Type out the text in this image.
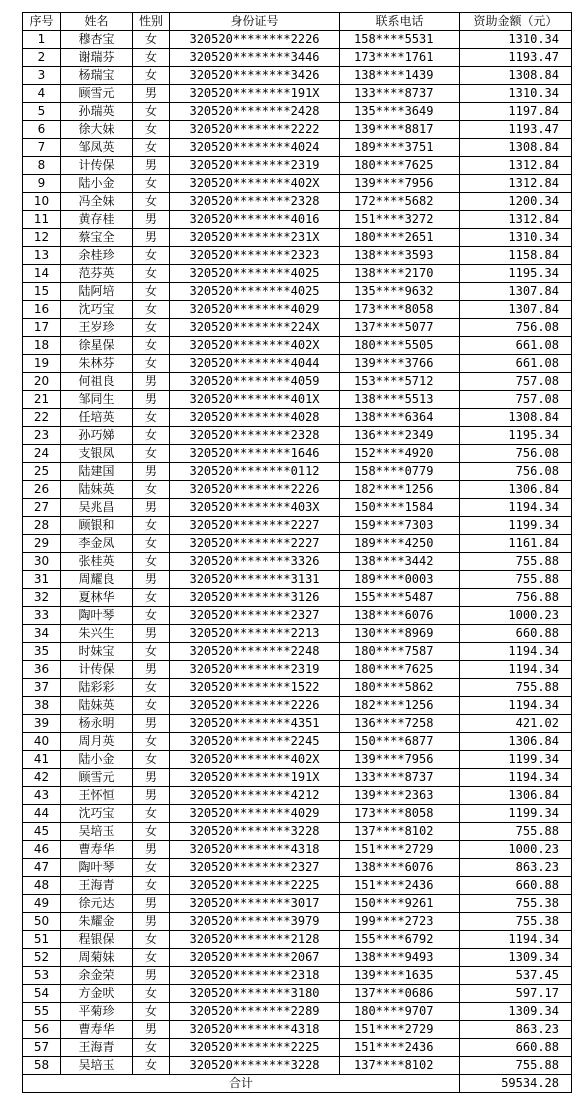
序号	姓名	性别	身份证号	联系电话	资助金额（元）
1	穆杏宝	女	320520********2226	158****5531	1310.34
2	谢瑞芬	女	320520********3446	173****1761	1193.47
3	杨瑞宝	女	320520********3426	138****1439	1308.84
4	顾雪元	男	320520********191X	133****8737	1310.34
5	孙瑞英	女	320520********2428	135****3649	1197.84
6	徐大妹	女	320520********2222	139****8817	1193.47
7	邹凤英	女	320520********4024	189****3751	1308.84
8	计传保	男	320520********2319	180****7625	1312.84
9	陆小金	女	320520********402X	139****7956	1312.84
10	冯全妹	女	320520********2328	172****5682	1200.34
11	黄存桂	男	320520********4016	151****3272	1312.84
12	蔡宝全	男	320520********231X	180****2651	1310.34
13	余桂珍	女	320520********2323	138****3593	1158.84
14	范芬英	女	320520********4025	138****2170	1195.34
15	陆阿培	女	320520********4025	135****9632	1307.84
16	沈巧宝	女	320520********4029	173****8058	1307.84
17	王岁珍	女	320520********224X	137****5077	756.08
18	徐星保	女	320520********402X	180****5505	661.08
19	朱林芬	女	320520********4044	139****3766	661.08
20	何祖良	男	320520********4059	153****5712	757.08
21	邹同生	男	320520********401X	138****5513	757.08
22	任培英	女	320520********4028	138****6364	1308.84
23	孙巧娣	女	320520********2328	136****2349	1195.34
24	支银凤	女	320520********1646	152****4920	756.08
25	陆建国	男	320520********0112	158****0779	756.08
26	陆妹英	女	320520********2226	182****1256	1306.84
27	吴兆昌	男	320520********403X	150****1584	1194.34
28	顾银和	女	320520********2227	159****7303	1199.34
29	李金凤	女	320520********2227	189****4250	1161.84
30	张桂英	女	320520********3326	138****3442	755.88
31	周耀良	男	320520********3131	189****0003	755.88
32	夏林华	女	320520********3126	155****5487	756.88
33	陶叶琴	女	320520********2327	138****6076	1000.23
34	朱兴生	男	320520********2213	130****8969	660.88
35	时妹宝	女	320520********2248	180****7587	1194.34
36	计传保	男	320520********2319	180****7625	1194.34
37	陆彩彩	女	320520********1522	180****5862	755.88
38	陆妹英	女	320520********2226	182****1256	1194.34
39	杨永明	男	320520********4351	136****7258	421.02
40	周月英	女	320520********2245	150****6877	1306.84
41	陆小金	女	320520********402X	139****7956	1199.34
42	顾雪元	男	320520********191X	133****8737	1194.34
43	王怀恒	男	320520********4212	139****2363	1306.84
44	沈巧宝	女	320520********4029	173****8058	1199.34
45	吴培玉	女	320520********3228	137****8102	755.88
46	曹寿华	男	320520********4318	151****2729	1000.23
47	陶叶琴	女	320520********2327	138****6076	863.23
48	王海青	女	320520********2225	151****2436	660.88
49	徐元达	男	320520********3017	150****9261	755.38
50	朱耀金	男	320520********3979	199****2723	755.38
51	程银保	女	320520********2128	155****6792	1194.34
52	周菊妹	女	320520********2067	138****9493	1309.34
53	余金荣	男	320520********2318	139****1635	537.45
54	方金吠	女	320520********3180	137****0686	597.17
55	平菊珍	女	320520********2289	180****9707	1309.34
56	曹寿华	男	320520********4318	151****2729	863.23
57	王海青	女	320520********2225	151****2436	660.88
58	吴培玉	女	320520********3228	137****8102	755.88
合计					59534.28
